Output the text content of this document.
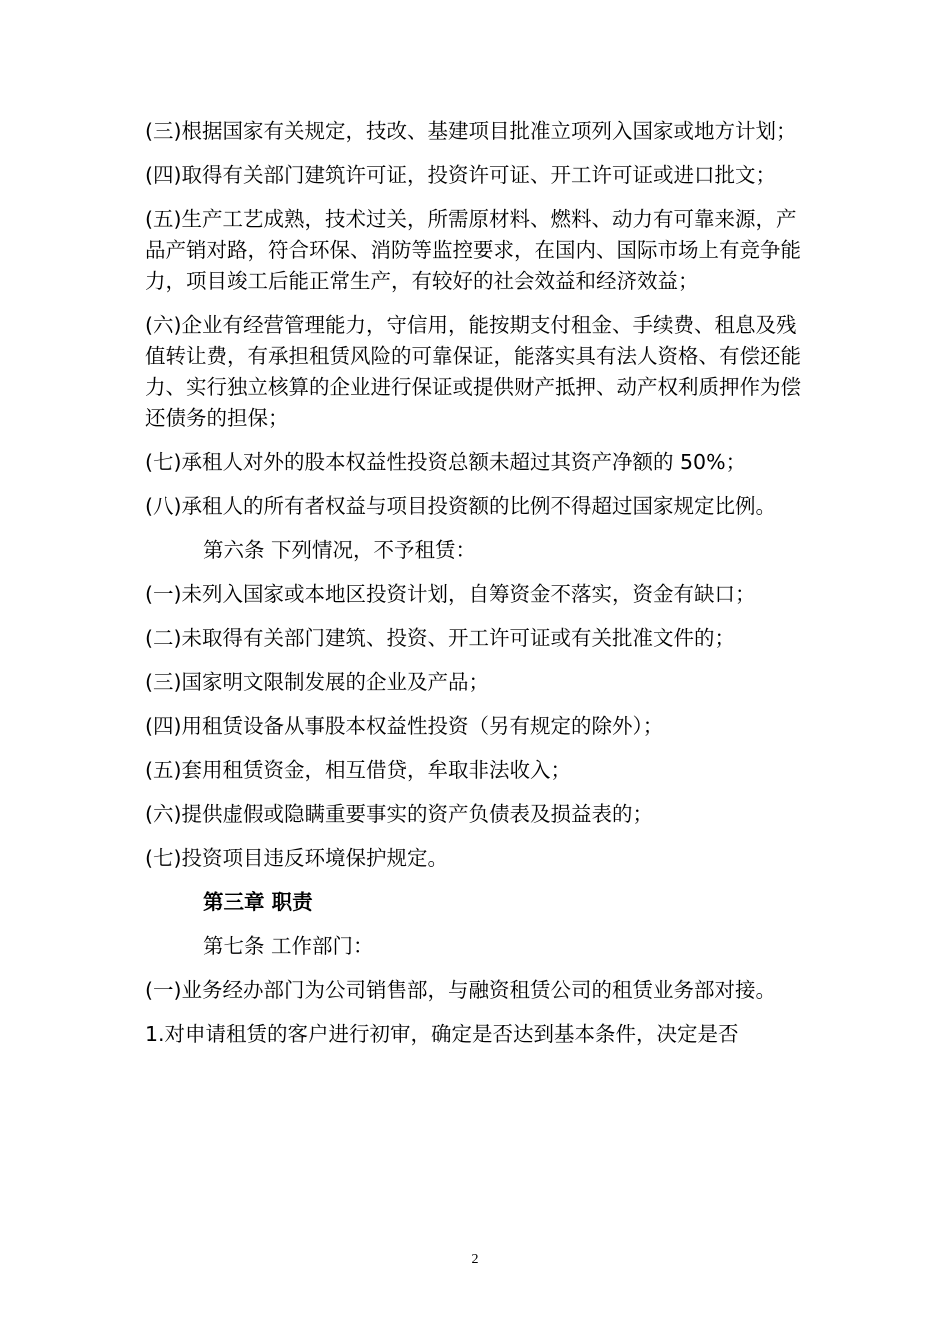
(三)根据国家有关规定，技改、基建项目批准立项列入国家或地方计划；

(四)取得有关部门建筑许可证，投资许可证、开工许可证或进口批文；

(五)生产工艺成熟，技术过关，所需原材料、燃料、动力有可靠来源，产品产销对路，符合环保、消防等监控要求，在国内、国际市场上有竞争能力，项目竣工后能正常生产，有较好的社会效益和经济效益；

(六)企业有经营管理能力，守信用，能按期支付租金、手续费、租息及残值转让费，有承担租赁风险的可靠保证，能落实具有法人资格、有偿还能力、实行独立核算的企业进行保证或提供财产抵押、动产权利质押作为偿还债务的担保；

(七)承租人对外的股本权益性投资总额未超过其资产净额的 50%；

(八)承租人的所有者权益与项目投资额的比例不得超过国家规定比例。

第六条 下列情况，不予租赁：

(一)未列入国家或本地区投资计划，自筹资金不落实，资金有缺口；

(二)未取得有关部门建筑、投资、开工许可证或有关批准文件的；

(三)国家明文限制发展的企业及产品；

(四)用租赁设备从事股本权益性投资（另有规定的除外）；

(五)套用租赁资金，相互借贷，牟取非法收入；

(六)提供虚假或隐瞒重要事实的资产负债表及损益表的；

(七)投资项目违反环境保护规定。

第三章 职责

第七条 工作部门：

(一)业务经办部门为公司销售部，与融资租赁公司的租赁业务部对接。

1.对申请租赁的客户进行初审，确定是否达到基本条件，决定是否

2
